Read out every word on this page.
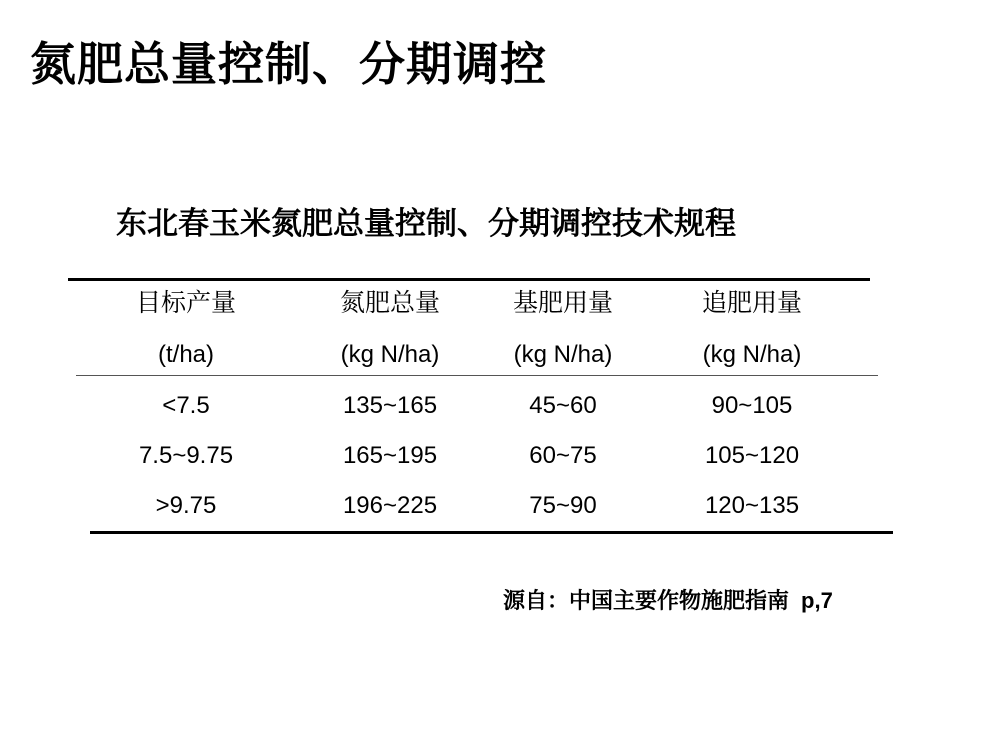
氮肥总量控制、分期调控
东北春玉米氮肥总量控制、分期调控技术规程
目标产量	氮肥总量	基肥用量	追肥用量
(t/ha)	(kg N/ha)	(kg N/ha)	(kg N/ha)
<7.5	135~165	45~60	90~105
7.5~9.75	165~195	60~75	105~120
>9.75	196~225	75~90	120~135
源自：中国主要作物施肥指南 p,7
